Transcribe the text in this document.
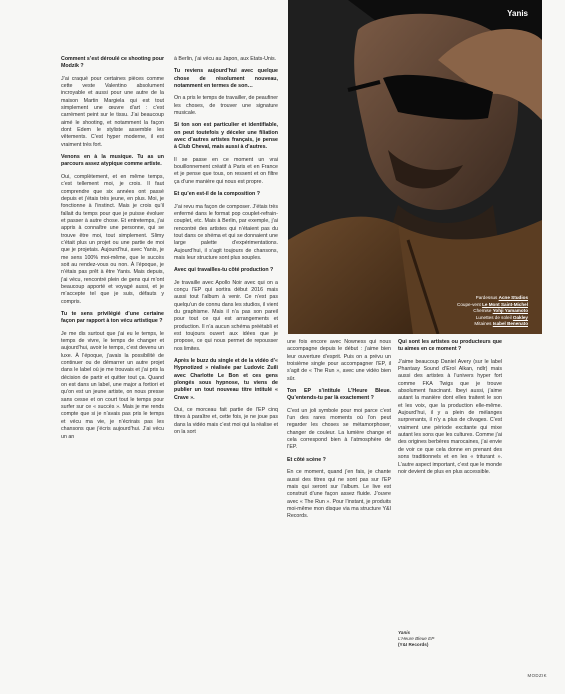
Comment s’est déroulé ce shooting pour Modzik ?

J’ai craqué pour certaines pièces comme cette veste Valentino absolument incroyable et aussi pour une autre de la maison Martin Margiela qui est tout simplement une œuvre d’art : c’est carrément peint sur le tissu. J’ai beaucoup aimé le shooting, et notamment la façon dont Edem le styliste assemble les vêtements. C’est hyper moderne, il est vraiment très fort.

Venons en à la musique. Tu as un parcours assez atypique comme artiste.

Oui, complètement, et en même temps, c’est tellement moi, je crois. Il faut comprendre que six années ont passé depuis et j’étais très jeune, en plus. Moi, je fonctionne à l’instinct. Mais je crois qu’il fallait du temps pour que je puisse évoluer et passer à autre chose. Et entretemps, j’ai appris à connaître une personne, qui se trouve être moi, tout simplement. Slimy c’était plus un projet ou une partie de moi que je projetais. Aujourd’hui, avec Yanis, je me sens 100% moi-même, que le succès soit au rendez-vous ou non. À l’époque, je n’étais pas prêt à être Yanis. Mais depuis, j’ai vécu, rencontré plein de gens qui m’ont beaucoup apporté et voyagé aussi, et je m’accepte tel que je suis, défauts y compris.

Tu te sens privilégié d’une certaine façon par rapport à ton vécu artistique ?

Je me dis surtout que j’ai eu le temps, le temps de vivre, le temps de changer et aujourd’hui, avoir le temps, c’est devenu un luxe. À l’époque, j’avais la possibilité de continuer ou de démarrer un autre projet dans le label où je me trouvais et j’ai pris la décision de partir et quitter tout ça. Quand on est dans un label, une major a fortiori et qu’on est un jeune artiste, on nous presse sans cesse et on court tout le temps pour surfer sur ce « succès ». Mais je me rends compte que si je n’avais pas pris le temps et vécu ma vie, je n’écrirais pas les chansons que j’écris aujourd’hui. J’ai vécu un an

à Berlin, j’ai vécu au Japon, aux États-Unis.

Tu reviens aujourd’hui avec quelque chose de résolument nouveau, notamment en termes de son…

On a pris le temps de travailler, de peaufiner les choses, de trouver une signature musicale.

Si ton son est particulier et identifiable, on peut toutefois y déceler une filiation avec d’autres artistes français, je pense à Club Cheval, mais aussi à d’autres.

Il se passe en ce moment un vrai bouillonnement créatif à Paris et en France et je pense que tous, on ressent et on filtre ça d’une manière qui nous est propre.

Et qu’en est-il de la composition ?

J’ai revu ma façon de composer. J’étais très enfermé dans le format pop couplet-refrain-couplet, etc. Mais à Berlin, par exemple, j’ai rencontré des artistes qui n’étaient pas du tout dans ce shéma et qui se donnaient une large palette d’expérimentations. Aujourd’hui, il s’agit toujours de chansons, mais leur structure sont plus souples.

Avec qui travailles-tu côté production ?

Je travaille avec Apollo Noir avec qui on a conçu l’EP qui sortira début 2016 mais aussi tout l’album à venir. Ce n’est pas quelqu’un de connu dans les studios, il vient du graphisme. Mais il n’a pas son pareil pour tout ce qui est arrangements et production. Il n’a aucun schéma préétabli et est toujours ouvert aux idées que je propose, ce qui nous permet de repousser nos limites.

Après le buzz du single et de la vidéo d’« Hypnotized » réalisée par Ludovic Zuili avec Charlotte Le Bon et ces gens plongés sous hypnose, tu viens de publier un tout nouveau titre intitulé « Crave ».

Oui, ce morceau fait partie de l’EP cinq titres à paraître et, cette fois, je ne joue pas dans la vidéo mais c’est moi qui la réalise et on la sort

Yanis
Pardessus Acne Studios
Coupe-vent Le Mont Saint-Michel
Chemise Yohji Yamamoto
Lunettes de soleil Oakley
Mitaines Isabel Benenato

une fois encore avec Nowness qui nous accompagne depuis le début : j’aime bien leur ouverture d’esprit. Puis on a prévu un troisième single pour accompagner l’EP, il s’agit de « The Run », avec une vidéo bien sûr.

Ton EP s’intitule L’Heure Bleue. Qu’entends-tu par là exactement ?

C’est un joli symbole pour moi parce c’est l’un des rares moments où l’on peut regarder les choses se métamorphoser, changer de couleur. La lumière change et cela correspond bien à l’atmosphère de l’EP.

Et côté scène ?

En ce moment, quand j’en fais, je chante aussi des titres qui ne sont pas sur l’EP mais qui seront sur l’album. Le live est construit d’une façon assez fluide. J’ouvre avec « The Run ». Pour l’instant, je produits moi-même mon disque via ma structure Y&I Records.

Qui sont les artistes ou producteurs que tu aimes en ce moment ?

J’aime beaucoup Daniel Avery (sur le label Phantasy Sound d’Erol Alkan, ndlr) mais aussi des artistes à l’univers hyper fort comme FKA Twigs que je trouve absolument fascinant. Ibeyi aussi, j’aime autant la manière dont elles traitent le son et les voix, que la production elle-même. Aujourd’hui, il y a plein de mélanges surprenants, il n’y a plus de clivages. C’est vraiment une période excitante qui mixe autant les sons que les cultures. Comme j’ai des origines berbères marocaines, j’ai envie de voir ce que cela donne en prenant des sons traditionnels et en les « triturant ». L’autre aspect important, c’est que le monde noir devient de plus en plus accessible.

Yanis
L’Heure Bleue EP
(Y&I Records)
MODZIK
